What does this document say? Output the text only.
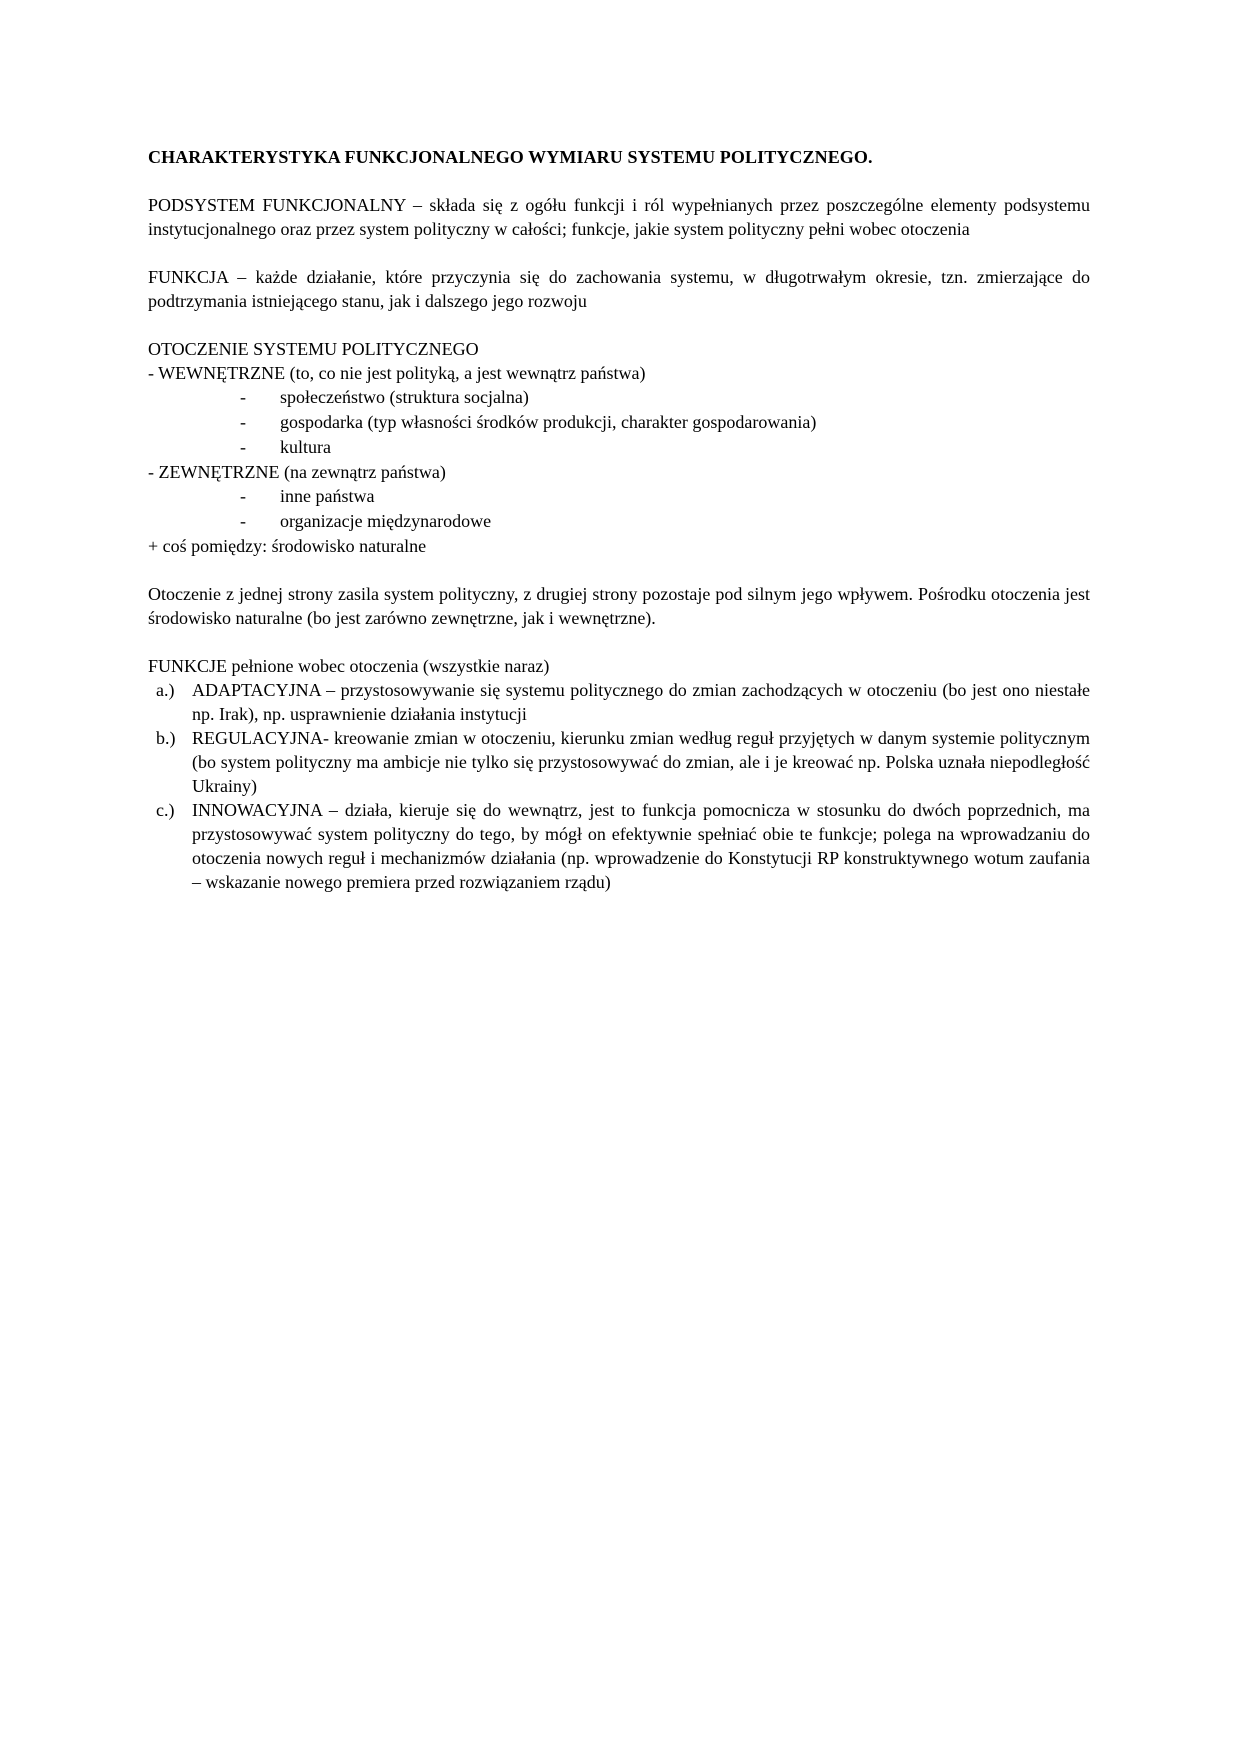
CHARAKTERYSTYKA FUNKCJONALNEGO WYMIARU SYSTEMU POLITYCZNEGO.

PODSYSTEM FUNKCJONALNY – składa się z ogółu funkcji i ról wypełnianych przez poszczególne elementy podsystemu instytucjonalnego oraz przez system polityczny w całości; funkcje, jakie system polityczny pełni wobec otoczenia

FUNKCJA – każde działanie, które przyczynia się do zachowania systemu, w długotrwałym okresie, tzn. zmierzające do podtrzymania istniejącego stanu, jak i dalszego jego rozwoju

OTOCZENIE SYSTEMU POLITYCZNEGO

- WEWNĘTRZNE (to, co nie jest polityką, a jest wewnątrz państwa)

- społeczeństwo (struktura socjalna)
- gospodarka (typ własności środków produkcji, charakter gospodarowania)
- kultura

- ZEWNĘTRZNE (na zewnątrz państwa)

- inne państwa
- organizacje międzynarodowe

+ coś pomiędzy: środowisko naturalne

Otoczenie z jednej strony zasila system polityczny, z drugiej strony pozostaje pod silnym jego wpływem. Pośrodku otoczenia jest środowisko naturalne (bo jest zarówno zewnętrzne, jak i wewnętrzne).

FUNKCJE pełnione wobec otoczenia (wszystkie naraz)

a.) ADAPTACYJNA – przystosowywanie się systemu politycznego do zmian zachodzących w otoczeniu (bo jest ono niestałe np. Irak), np. usprawnienie działania instytucji
b.) REGULACYJNA- kreowanie zmian w otoczeniu, kierunku zmian według reguł przyjętych w danym systemie politycznym (bo system polityczny ma ambicje nie tylko się przystosowywać do zmian, ale i je kreować np. Polska uznała niepodległość Ukrainy)
c.) INNOWACYJNA – działa, kieruje się do wewnątrz, jest to funkcja pomocnicza w stosunku do dwóch poprzednich, ma przystosowywać system polityczny do tego, by mógł on efektywnie spełniać obie te funkcje; polega na wprowadzaniu do otoczenia nowych reguł i mechanizmów działania (np. wprowadzenie do Konstytucji RP konstruktywnego wotum zaufania – wskazanie nowego premiera przed rozwiązaniem rządu)
